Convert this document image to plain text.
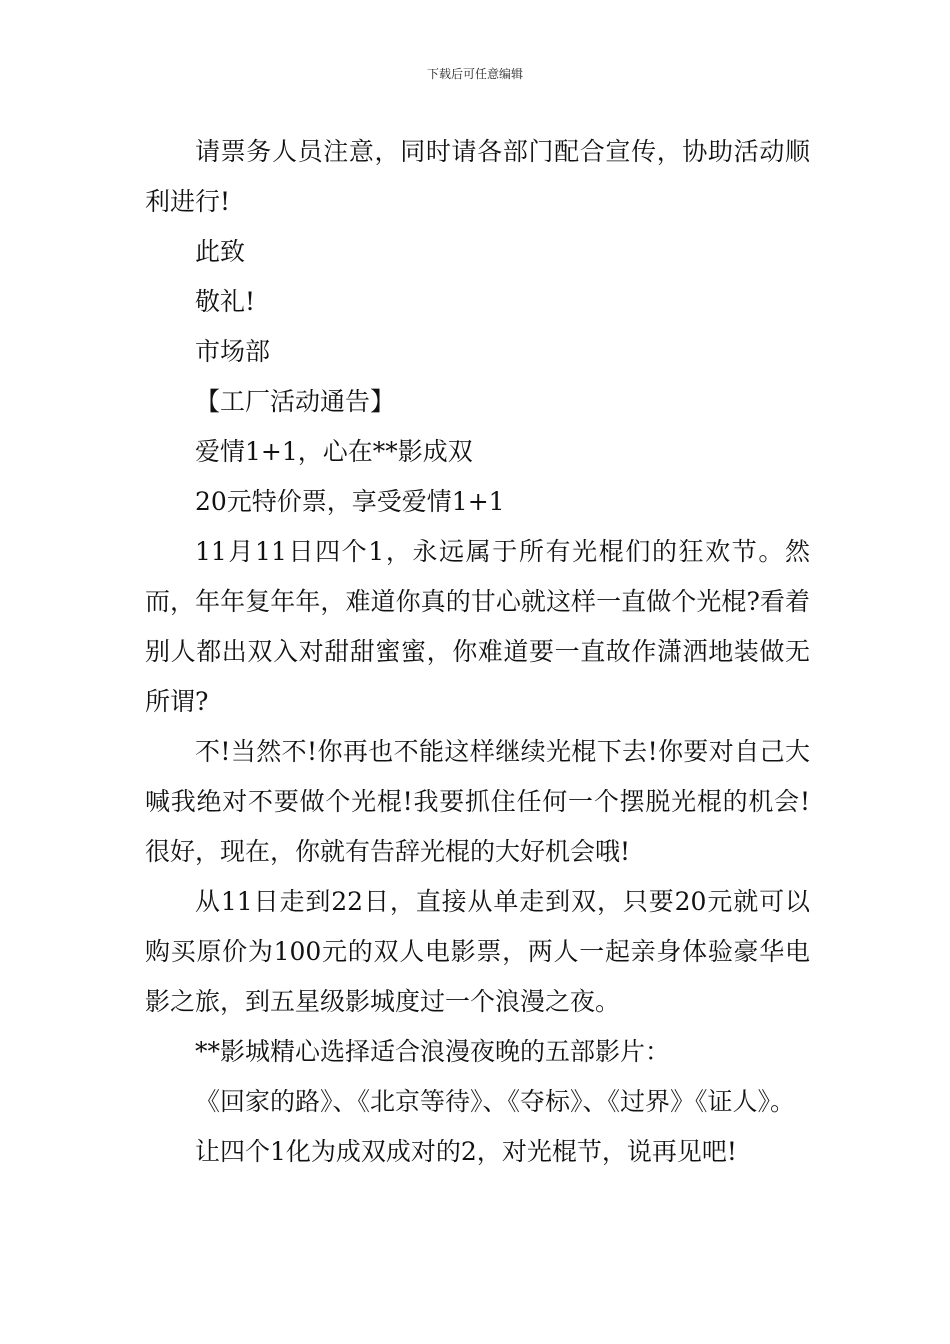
下载后可任意编辑

请票务人员注意，同时请各部门配合宣传，协助活动顺利进行!

此致

敬礼!

市场部

【工厂活动通告】

爱情1+1，心在**影成双

20元特价票，享受爱情1+1

11月11日四个1，永远属于所有光棍们的狂欢节。然而，年年复年年，难道你真的甘心就这样一直做个光棍?看着别人都出双入对甜甜蜜蜜，你难道要一直故作潇洒地装做无所谓?

不!当然不!你再也不能这样继续光棍下去!你要对自己大喊我绝对不要做个光棍!我要抓住任何一个摆脱光棍的机会!很好，现在，你就有告辞光棍的大好机会哦!

从11日走到22日，直接从单走到双，只要20元就可以购买原价为100元的双人电影票，两人一起亲身体验豪华电影之旅，到五星级影城度过一个浪漫之夜。

**影城精心选择适合浪漫夜晚的五部影片：

《回家的路》、《北京等待》、《夺标》、《过界》《证人》。

让四个1化为成双成对的2，对光棍节，说再见吧!
